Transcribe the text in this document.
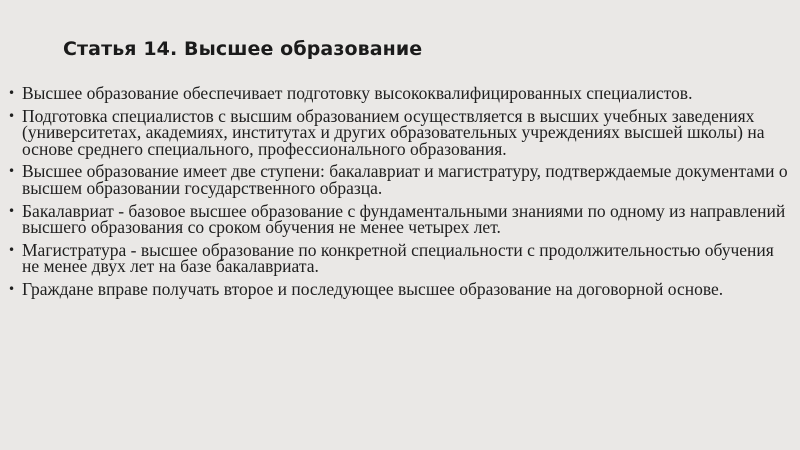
Статья 14. Высшее образование
• Высшее образование обеспечивает подготовку высококвалифицированных специалистов.
• Подготовка специалистов с высшим образованием осуществляется в высших учебных заведениях (университетах, академиях, институтах и других образовательных учреждениях высшей школы) на основе среднего специального, профессионального образования.
• Высшее образование имеет две ступени: бакалавриат и магистратуру, подтверждаемые документами о высшем образовании государственного образца.
• Бакалавриат - базовое высшее образование с фундаментальными знаниями по одному из направлений высшего образования со сроком обучения не менее четырех лет.
• Магистратура - высшее образование по конкретной специальности с продолжительностью обучения не менее двух лет на базе бакалавриата.
• Граждане вправе получать второе и последующее высшее образование на договорной основе.
